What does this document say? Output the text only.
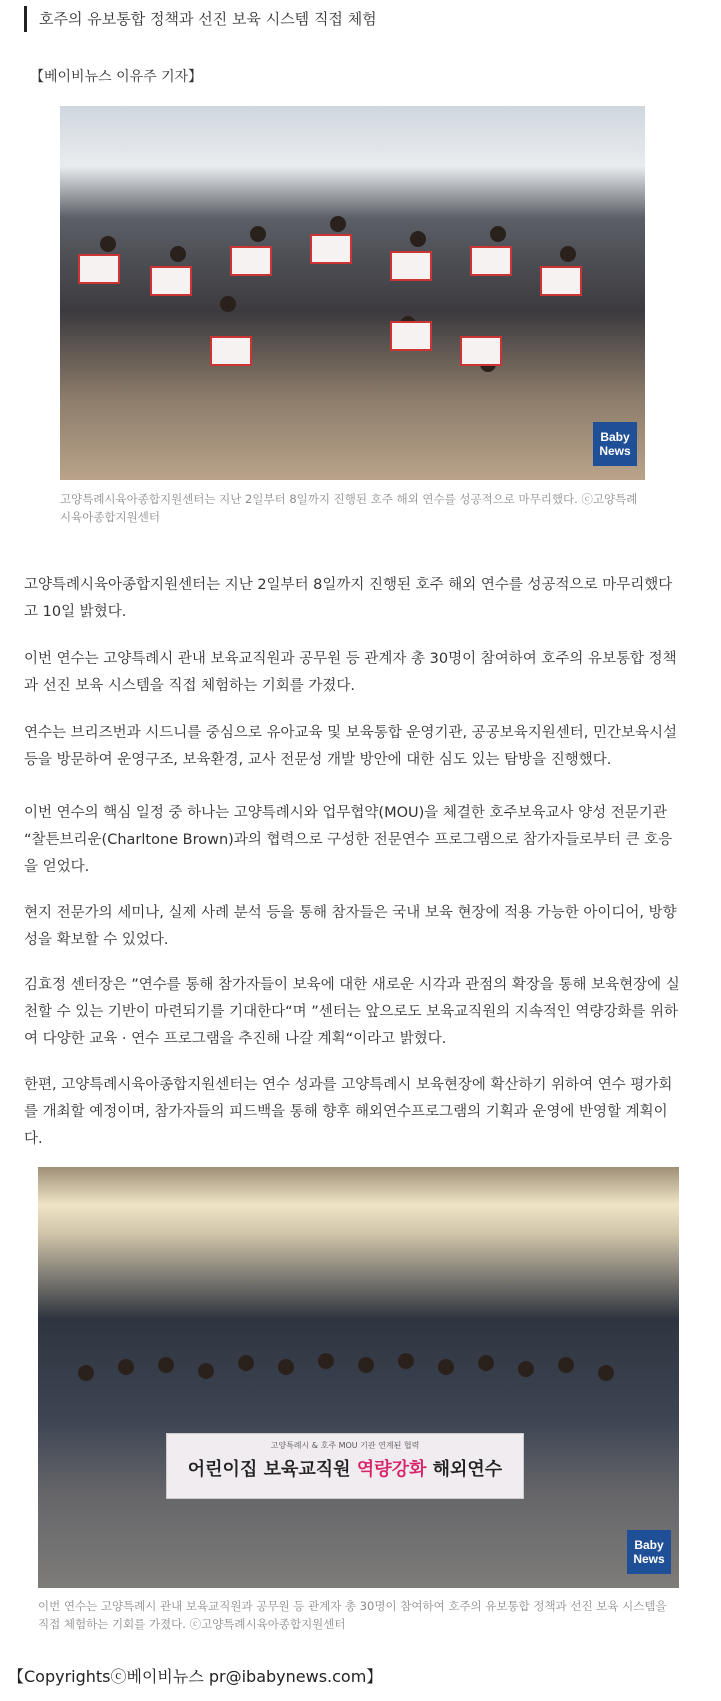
호주의 유보통합 정책과 선진 보육 시스템 직접 체험
【베이비뉴스 이유주 기자】
Baby
News
고양특례시육아종합지원센터는 지난 2일부터 8일까지 진행된 호주 해외 연수를 성공적으로 마무리했다. ⓒ고양특례시육아종합지원센터
고양특례시육아종합지원센터는 지난 2일부터 8일까지 진행된 호주 해외 연수를 성공적으로 마무리했다고 10일 밝혔다.
이번 연수는 고양특례시 관내 보육교직원과 공무원 등 관계자 총 30명이 참여하여 호주의 유보통합 정책과 선진 보육 시스템을 직접 체험하는 기회를 가졌다.
연수는 브리즈번과 시드니를 중심으로 유아교육 및 보육통합 운영기관, 공공보육지원센터, 민간보육시설 등을 방문하여 운영구조, 보육환경, 교사 전문성 개발 방안에 대한 심도 있는 탐방을 진행했다.
이번 연수의 핵심 일정 중 하나는 고양특례시와 업무협약(MOU)을 체결한 호주보육교사 양성 전문기관 “찰튼브리운(Charltone Brown)과의 협력으로 구성한 전문연수 프로그램으로 참가자들로부터 큰 호응을 얻었다.
현지 전문가의 세미나, 실제 사례 분석 등을 통해 참자들은 국내 보육 현장에 적용 가능한 아이디어, 방향성을 확보할 수 있었다.
김효정 센터장은 ”연수를 통해 참가자들이 보육에 대한 새로운 시각과 관점의 확장을 통해 보육현장에 실천할 수 있는 기반이 마련되기를 기대한다“며 ”센터는 앞으로도 보육교직원의 지속적인 역량강화를 위하여 다양한 교육 · 연수 프로그램을 추진해 나갈 계획“이라고 밝혔다.
한편, 고양특례시육아종합지원센터는 연수 성과를 고양특례시 보육현장에 확산하기 위하여 연수 평가회를 개최할 예정이며, 참가자들의 피드백을 통해 향후 해외연수프로그램의 기획과 운영에 반영할 계획이다.
고양특례시 & 호주 MOU 기관 연계된 협력
어린이집 보육교직원 역량강화 해외연수
Baby
News
이번 연수는 고양특례시 관내 보육교직원과 공무원 등 관계자 총 30명이 참여하여 호주의 유보통합 정책과 선진 보육 시스템을 직접 체험하는 기회를 가졌다. ⓒ고양특례시육아종합지원센터
【Copyrightsⓒ베이비뉴스 pr@ibabynews.com】
